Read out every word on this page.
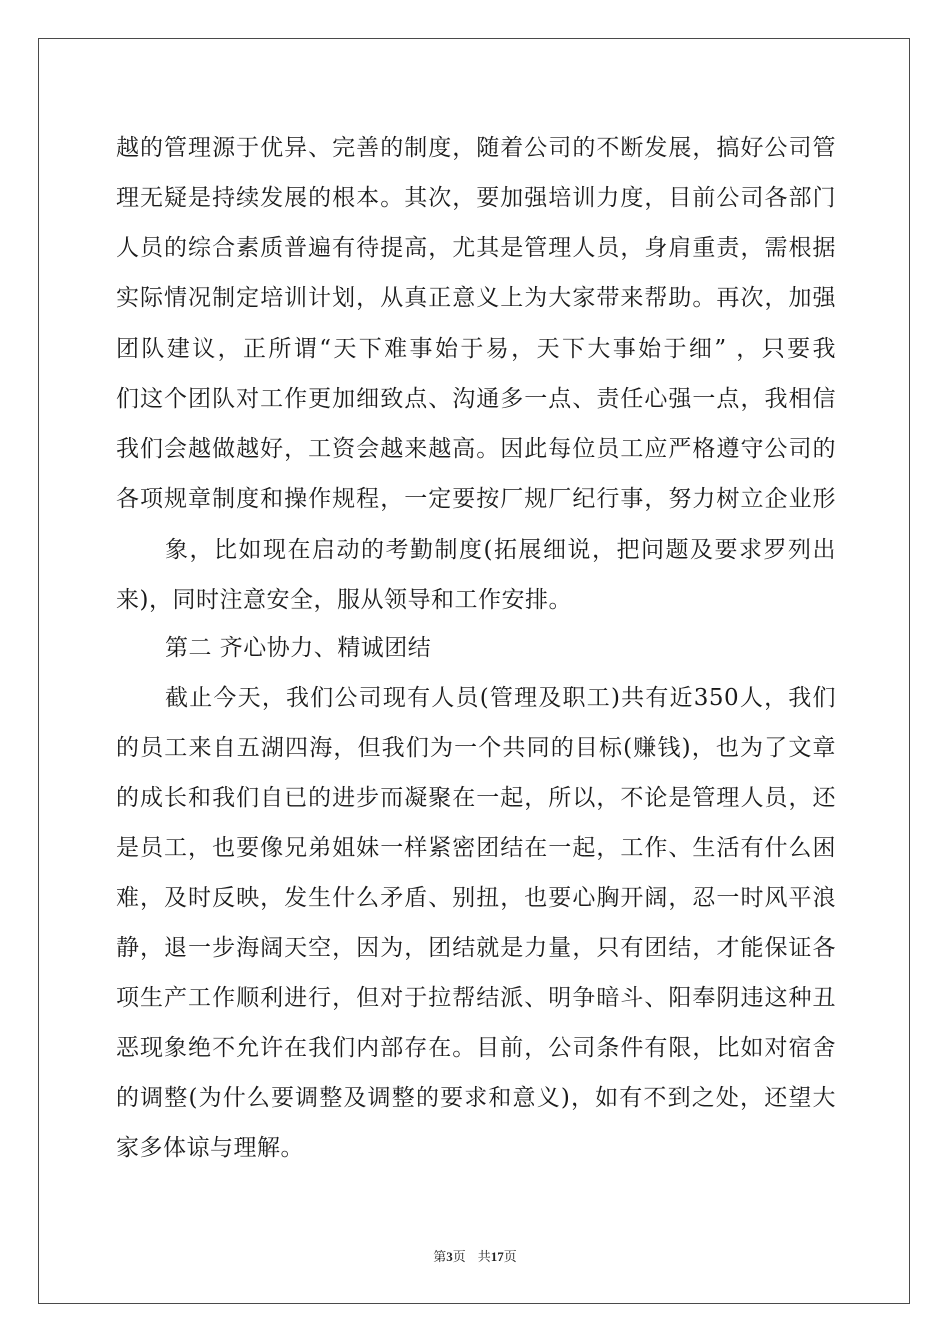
越的管理源于优异、完善的制度，随着公司的不断发展，搞好公司管
理无疑是持续发展的根本。其次，要加强培训力度，目前公司各部门
人员的综合素质普遍有待提高，尤其是管理人员，身肩重责，需根据
实际情况制定培训计划，从真正意义上为大家带来帮助。再次，加强
团队建议，正所谓“天下难事始于易，天下大事始于细” ，只要我
们这个团队对工作更加细致点、沟通多一点、责任心强一点，我相信
我们会越做越好，工资会越来越高。因此每位员工应严格遵守公司的
各项规章制度和操作规程，一定要按厂规厂纪行事，努力树立企业形
象，比如现在启动的考勤制度(拓展细说，把问题及要求罗列出
来)，同时注意安全，服从领导和工作安排。
第二 齐心协力、精诚团结
截止今天，我们公司现有人员(管理及职工)共有近350人，我们
的员工来自五湖四海，但我们为一个共同的目标(赚钱)，也为了文章
的成长和我们自已的进步而凝聚在一起，所以，不论是管理人员，还
是员工，也要像兄弟姐妹一样紧密团结在一起，工作、生活有什么困
难，及时反映，发生什么矛盾、别扭，也要心胸开阔，忍一时风平浪
静，退一步海阔天空，因为，团结就是力量，只有团结，才能保证各
项生产工作顺利进行，但对于拉帮结派、明争暗斗、阳奉阴违这种丑
恶现象绝不允许在我们内部存在。目前，公司条件有限，比如对宿舍
的调整(为什么要调整及调整的要求和意义)，如有不到之处，还望大
家多体谅与理解。
第3页 共17页
